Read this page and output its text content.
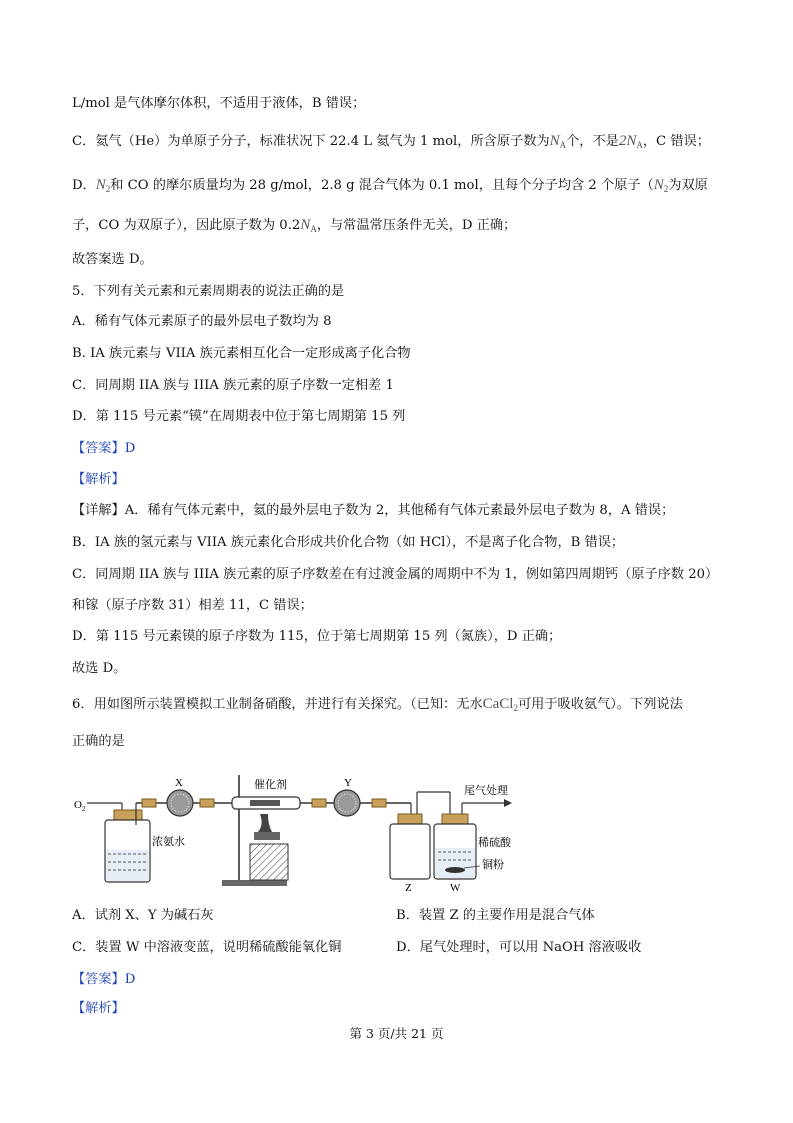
L/mol 是气体摩尔体积，不适用于液体，B 错误；
C．氦气（He）为单原子分子，标准状况下 22.4 L 氦气为 1 mol，所含原子数为$N_A$个，不是$2N_A$，C 错误；
D．$N_2$和 CO 的摩尔质量均为 28 g/mol，2.8 g 混合气体为 0.1 mol，且每个分子均含 2 个原子（$N_2$为双原
子，CO 为双原子），因此原子数为 $0.2N_A$，与常温常压条件无关，D 正确；
故答案选 D。
5．下列有关元素和元素周期表的说法正确的是
A．稀有气体元素原子的最外层电子数均为 8
B. IA 族元素与 VIIA 族元素相互化合一定形成离子化合物
C．同周期 IIA 族与 IIIA 族元素的原子序数一定相差 1
D．第 115 号元素“镆”在周期表中位于第七周期第 15 列
【答案】D
【解析】
【详解】A．稀有气体元素中，氦的最外层电子数为 2，其他稀有气体元素最外层电子数为 8，A 错误；
B．IA 族的氢元素与 VIIA 族元素化合形成共价化合物（如 HCl），不是离子化合物，B 错误；
C．同周期 IIA 族与 IIIA 族元素的原子序数差在有过渡金属的周期中不为 1，例如第四周期钙（原子序数 20）
和镓（原子序数 31）相差 11，C 错误；
D．第 115 号元素镆的原子序数为 115，位于第七周期第 15 列（氮族），D 正确；
故选 D。
6．用如图所示装置模拟工业制备硝酸，并进行有关探究。（已知：无水CaCl$_2$可用于吸收氨气）。下列说法
正确的是
$O_2$
浓氨水
X	催化剂	Y
Z	W
稀硫酸
铜粉
尾气处理
A．试剂 X、Y 为碱石灰	B．装置 Z 的主要作用是混合气体
C．装置 W 中溶液变蓝，说明稀硫酸能氧化铜	D．尾气处理时，可以用 NaOH 溶液吸收
【答案】D
【解析】
第 3 页/共 21 页
